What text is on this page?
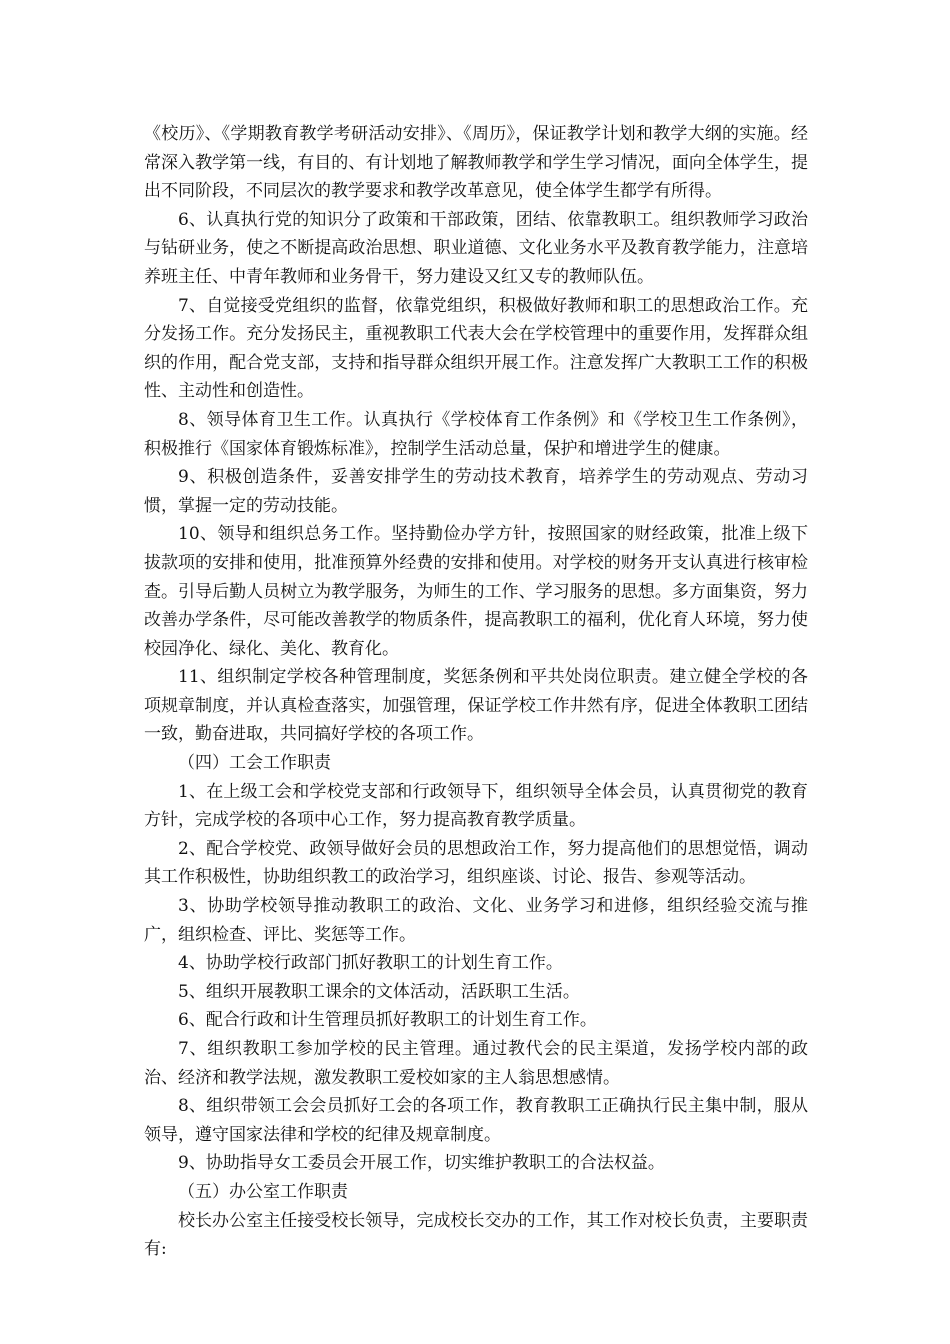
《校历》、《学期教育教学考研活动安排》、《周历》，保证教学计划和教学大纲的实施。经常深入教学第一线，有目的、有计划地了解教师教学和学生学习情况，面向全体学生，提出不同阶段，不同层次的教学要求和教学改革意见，使全体学生都学有所得。

6、认真执行党的知识分了政策和干部政策，团结、依靠教职工。组织教师学习政治与钻研业务，使之不断提高政治思想、职业道德、文化业务水平及教育教学能力，注意培养班主任、中青年教师和业务骨干，努力建设又红又专的教师队伍。

7、自觉接受党组织的监督，依靠党组织，积极做好教师和职工的思想政治工作。充分发扬工作。充分发扬民主，重视教职工代表大会在学校管理中的重要作用，发挥群众组织的作用，配合党支部，支持和指导群众组织开展工作。注意发挥广大教职工工作的积极性、主动性和创造性。

8、领导体育卫生工作。认真执行《学校体育工作条例》和《学校卫生工作条例》，积极推行《国家体育锻炼标准》，控制学生活动总量，保护和增进学生的健康。

9、积极创造条件，妥善安排学生的劳动技术教育，培养学生的劳动观点、劳动习惯，掌握一定的劳动技能。

10、领导和组织总务工作。坚持勤俭办学方针，按照国家的财经政策，批准上级下拔款项的安排和使用，批准预算外经费的安排和使用。对学校的财务开支认真进行核审检查。引导后勤人员树立为教学服务，为师生的工作、学习服务的思想。多方面集资，努力改善办学条件，尽可能改善教学的物质条件，提高教职工的福利，优化育人环境，努力使校园净化、绿化、美化、教育化。

11、组织制定学校各种管理制度，奖惩条例和平共处岗位职责。建立健全学校的各项规章制度，并认真检查落实，加强管理，保证学校工作井然有序，促进全体教职工团结一致，勤奋进取，共同搞好学校的各项工作。

（四）工会工作职责

1、在上级工会和学校党支部和行政领导下，组织领导全体会员，认真贯彻党的教育方针，完成学校的各项中心工作，努力提高教育教学质量。

2、配合学校党、政领导做好会员的思想政治工作，努力提高他们的思想觉悟，调动其工作积极性，协助组织教工的政治学习，组织座谈、讨论、报告、参观等活动。

3、协助学校领导推动教职工的政治、文化、业务学习和进修，组织经验交流与推广，组织检查、评比、奖惩等工作。

4、协助学校行政部门抓好教职工的计划生育工作。

5、组织开展教职工课余的文体活动，活跃职工生活。

6、配合行政和计生管理员抓好教职工的计划生育工作。

7、组织教职工参加学校的民主管理。通过教代会的民主渠道，发扬学校内部的政治、经济和教学法规，激发教职工爱校如家的主人翁思想感情。

8、组织带领工会会员抓好工会的各项工作，教育教职工正确执行民主集中制，服从领导，遵守国家法律和学校的纪律及规章制度。

9、协助指导女工委员会开展工作，切实维护教职工的合法权益。

（五）办公室工作职责

校长办公室主任接受校长领导，完成校长交办的工作，其工作对校长负责，主要职责有:
